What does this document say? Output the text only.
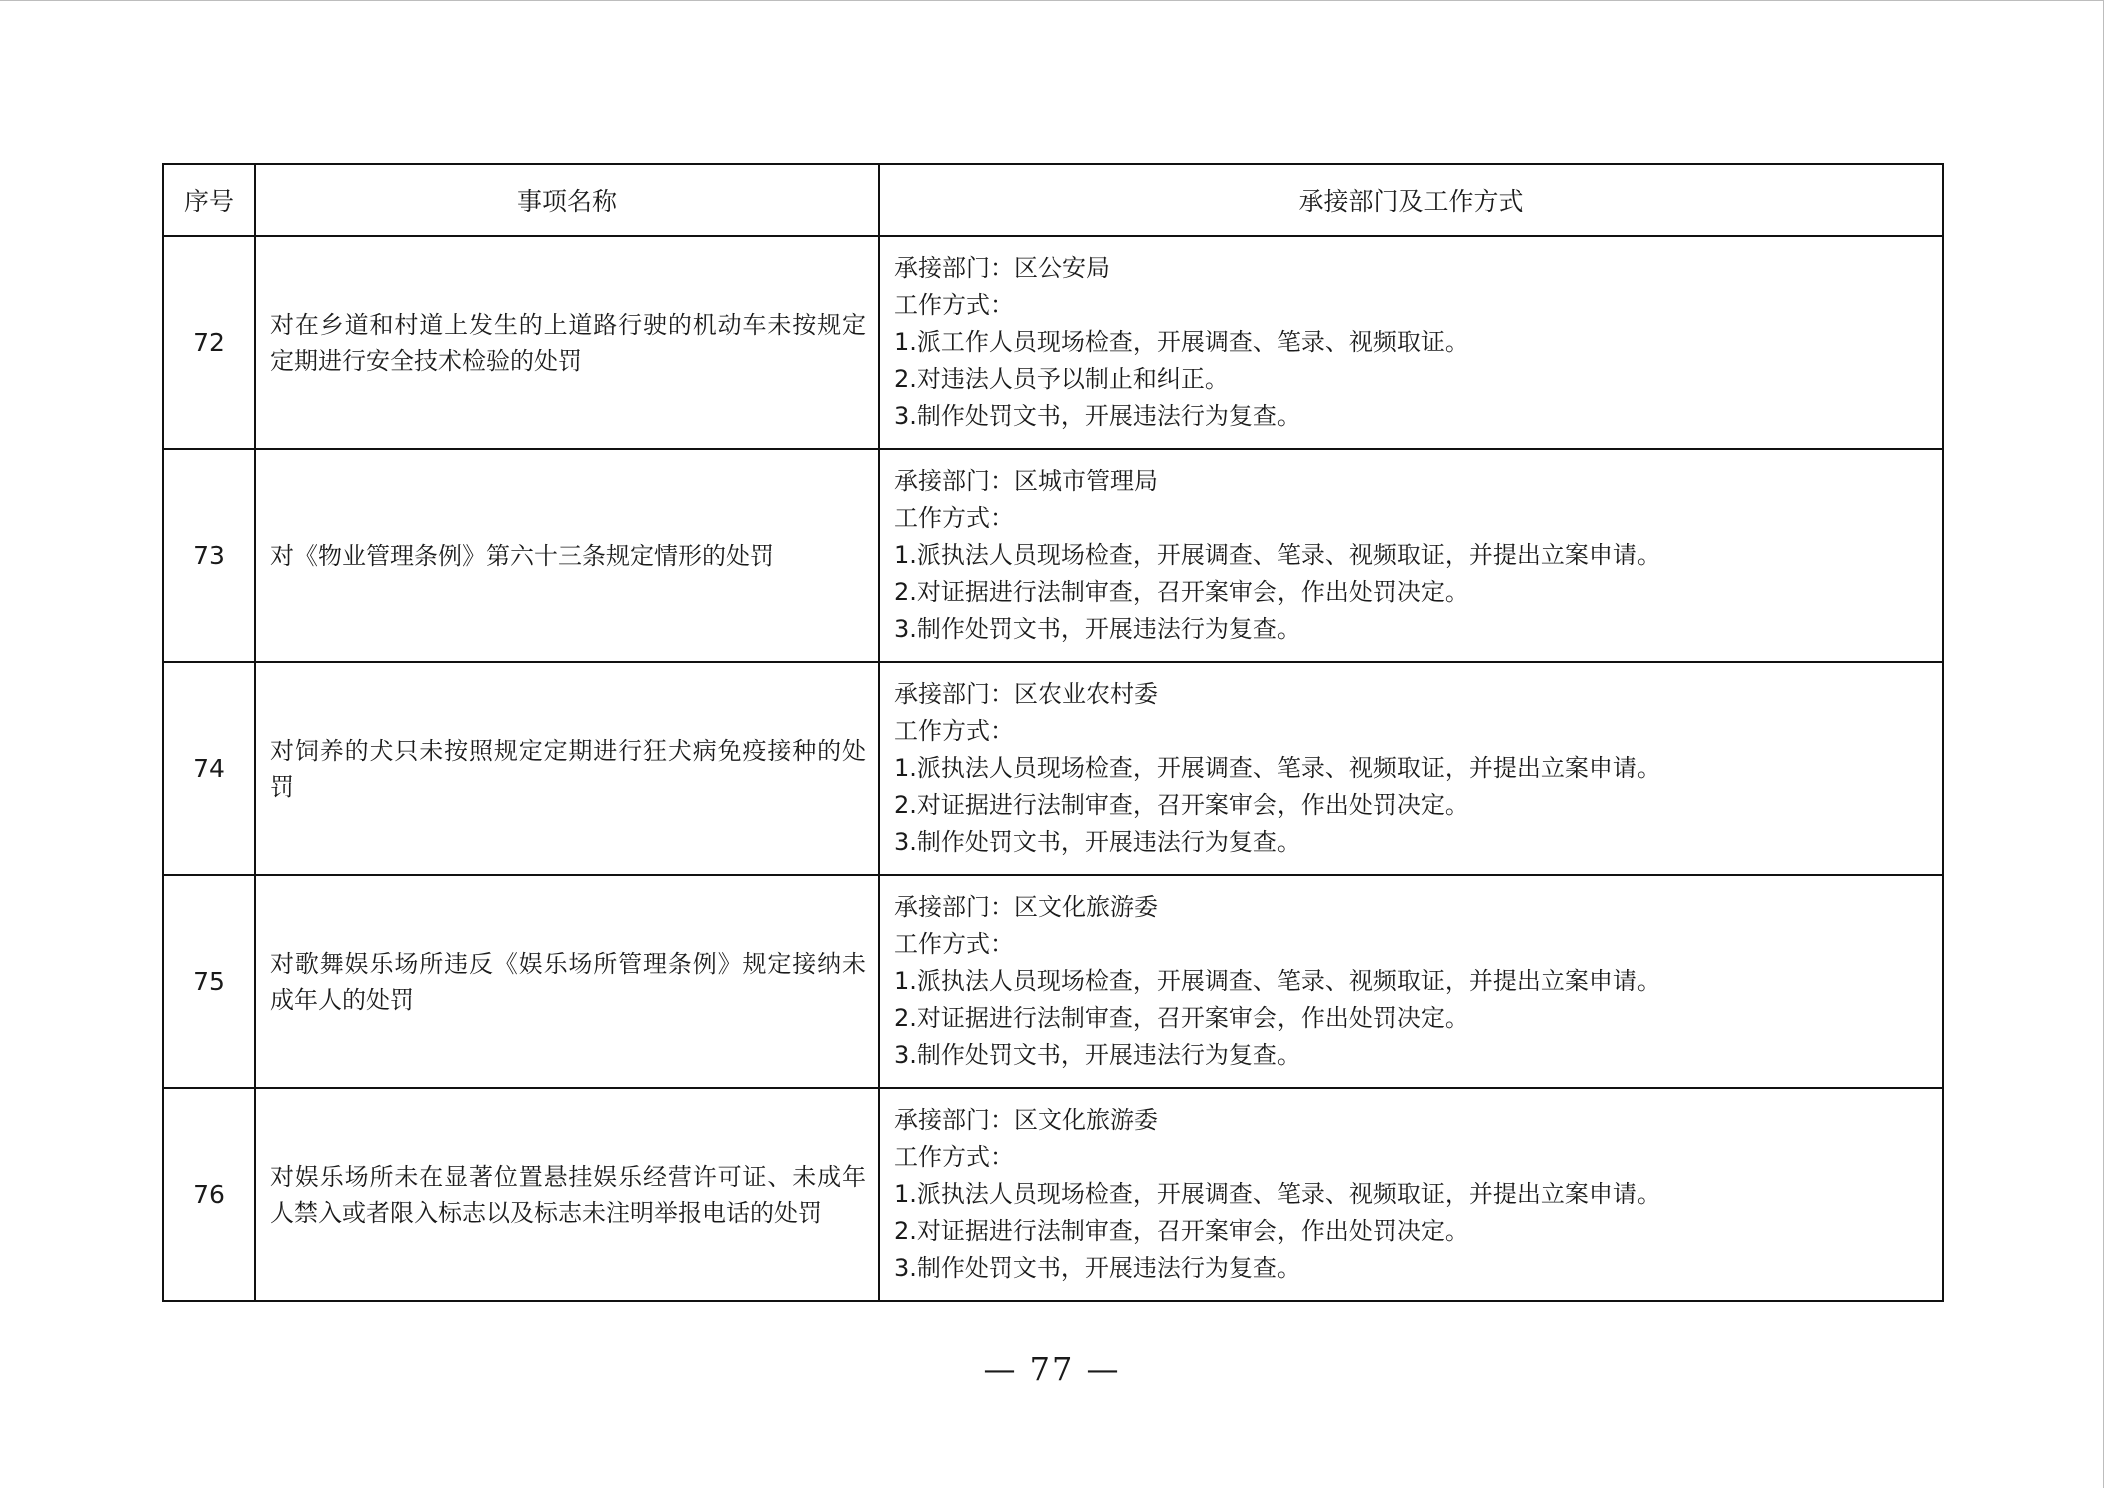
序号	事项名称	承接部门及工作方式
72	对在乡道和村道上发生的上道路行驶的机动车未按规定定期进行安全技术检验的处罚	承接部门：区公安局
工作方式：
1.派工作人员现场检查，开展调查、笔录、视频取证。
2.对违法人员予以制止和纠正。
3.制作处罚文书，开展违法行为复查。

73	对《物业管理条例》第六十三条规定情形的处罚	承接部门：区城市管理局
工作方式：
1.派执法人员现场检查，开展调查、笔录、视频取证，并提出立案申请。
2.对证据进行法制审查，召开案审会，作出处罚决定。
3.制作处罚文书，开展违法行为复查。

74	对饲养的犬只未按照规定定期进行狂犬病免疫接种的处罚	承接部门：区农业农村委
工作方式：
1.派执法人员现场检查，开展调查、笔录、视频取证，并提出立案申请。
2.对证据进行法制审查，召开案审会，作出处罚决定。
3.制作处罚文书，开展违法行为复查。

75	对歌舞娱乐场所违反《娱乐场所管理条例》规定接纳未成年人的处罚	承接部门：区文化旅游委
工作方式：
1.派执法人员现场检查，开展调查、笔录、视频取证，并提出立案申请。
2.对证据进行法制审查，召开案审会，作出处罚决定。
3.制作处罚文书，开展违法行为复查。

76	对娱乐场所未在显著位置悬挂娱乐经营许可证、未成年人禁入或者限入标志以及标志未注明举报电话的处罚	承接部门：区文化旅游委
工作方式：
1.派执法人员现场检查，开展调查、笔录、视频取证，并提出立案申请。
2.对证据进行法制审查，召开案审会，作出处罚决定。
3.制作处罚文书，开展违法行为复查。
— 77 —
